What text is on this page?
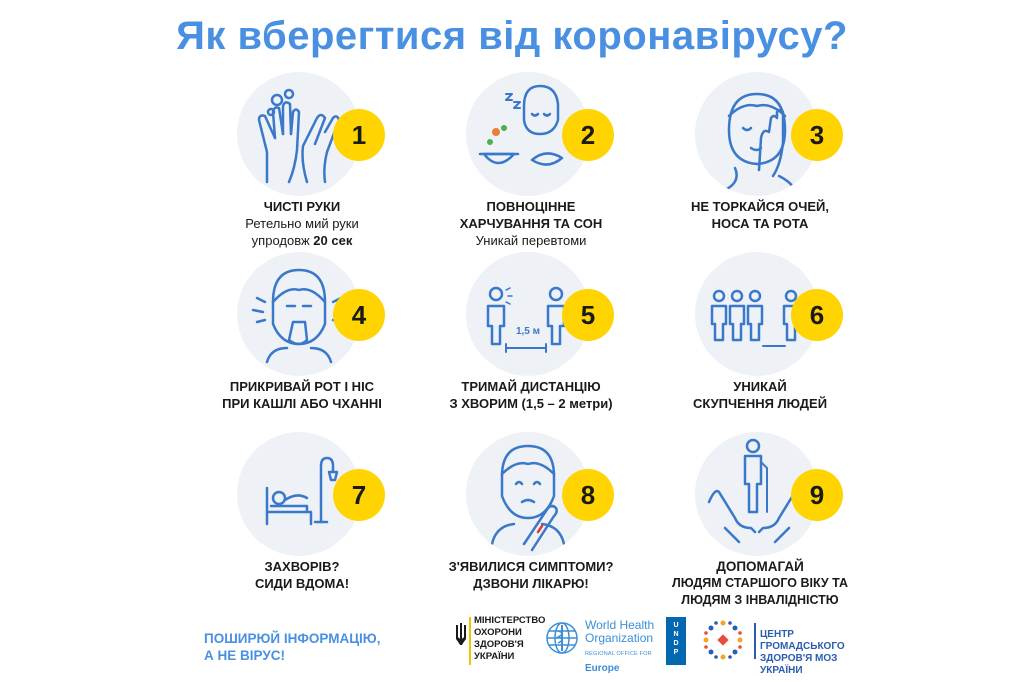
Як вберегтися від коронавірусу?
1
ЧИСТІ РУКИ
Ретельно мий руки
упродовж 20 сек
2
ПОВНОЦІННЕ
ХАРЧУВАННЯ ТА СОН
Уникай перевтоми
3
НЕ ТОРКАЙСЯ ОЧЕЙ,
НОСА ТА РОТА
4
ПРИКРИВАЙ РОТ І НІС
ПРИ КАШЛІ АБО ЧХАННІ
1,5 м
5
ТРИМАЙ ДИСТАНЦІЮ
З ХВОРИМ (1,5 – 2 метри)
6
УНИКАЙ
СКУПЧЕННЯ ЛЮДЕЙ
7
ЗАХВОРІВ?
СИДИ ВДОМА!
8
З'ЯВИЛИСЯ СИМПТОМИ?
ДЗВОНИ ЛІКАРЮ!
9
ДОПОМАГАЙ
ЛЮДЯМ СТАРШОГО ВІКУ ТА
ЛЮДЯМ З ІНВАЛІДНІСТЮ
ПОШИРЮЙ ІНФОРМАЦІЮ,
А НЕ ВІРУС!
МІНІСТЕРСТВО
ОХОРОНИ
ЗДОРОВ'Я
УКРАЇНИ
World Health
Organization
REGIONAL OFFICE FOR
Europe
U
N
D
P
ЦЕНТР ГРОМАДСЬКОГО
ЗДОРОВ'Я МОЗ УКРАЇНИ
